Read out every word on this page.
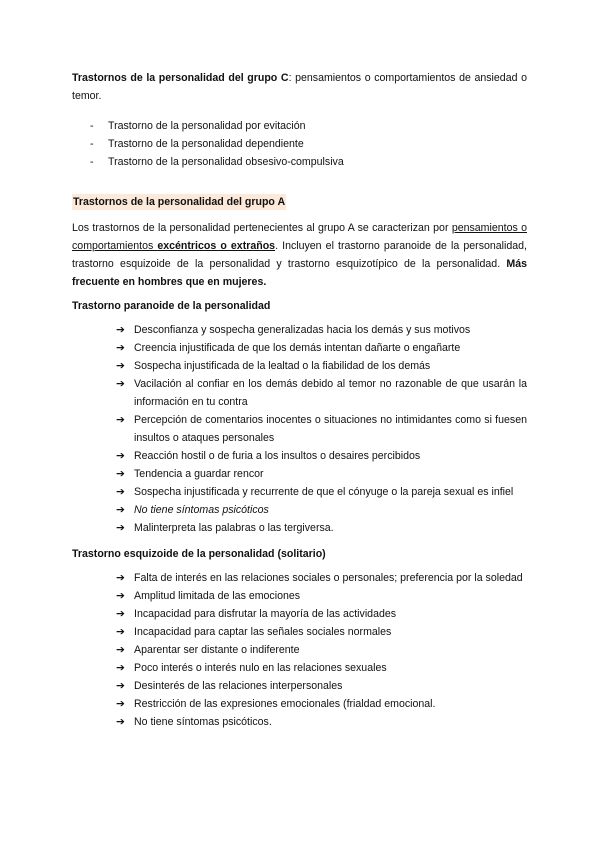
Trastornos de la personalidad del grupo C: pensamientos o comportamientos de ansiedad o temor.

- Trastorno de la personalidad por evitación
- Trastorno de la personalidad dependiente
- Trastorno de la personalidad obsesivo-compulsiva

Trastornos de la personalidad del grupo A

Los trastornos de la personalidad pertenecientes al grupo A se caracterizan por pensamientos o comportamientos excéntricos o extraños. Incluyen el trastorno paranoide de la personalidad, trastorno esquizoide de la personalidad y trastorno esquizotípico de la personalidad. Más frecuente en hombres que en mujeres.

Trastorno paranoide de la personalidad

➔ Desconfianza y sospecha generalizadas hacia los demás y sus motivos
➔ Creencia injustificada de que los demás intentan dañarte o engañarte
➔ Sospecha injustificada de la lealtad o la fiabilidad de los demás
➔ Vacilación al confiar en los demás debido al temor no razonable de que usarán la información en tu contra
➔ Percepción de comentarios inocentes o situaciones no intimidantes como si fuesen insultos o ataques personales
➔ Reacción hostil o de furia a los insultos o desaires percibidos
➔ Tendencia a guardar rencor
➔ Sospecha injustificada y recurrente de que el cónyuge o la pareja sexual es infiel
➔ No tiene síntomas psicóticos
➔ Malinterpreta las palabras o las tergiversa.

Trastorno esquizoide de la personalidad (solitario)

➔ Falta de interés en las relaciones sociales o personales; preferencia por la soledad
➔ Amplitud limitada de las emociones
➔ Incapacidad para disfrutar la mayoría de las actividades
➔ Incapacidad para captar las señales sociales normales
➔ Aparentar ser distante o indiferente
➔ Poco interés o interés nulo en las relaciones sexuales
➔ Desinterés de las relaciones interpersonales
➔ Restricción de las expresiones emocionales (frialdad emocional.
➔ No tiene síntomas psicóticos.
